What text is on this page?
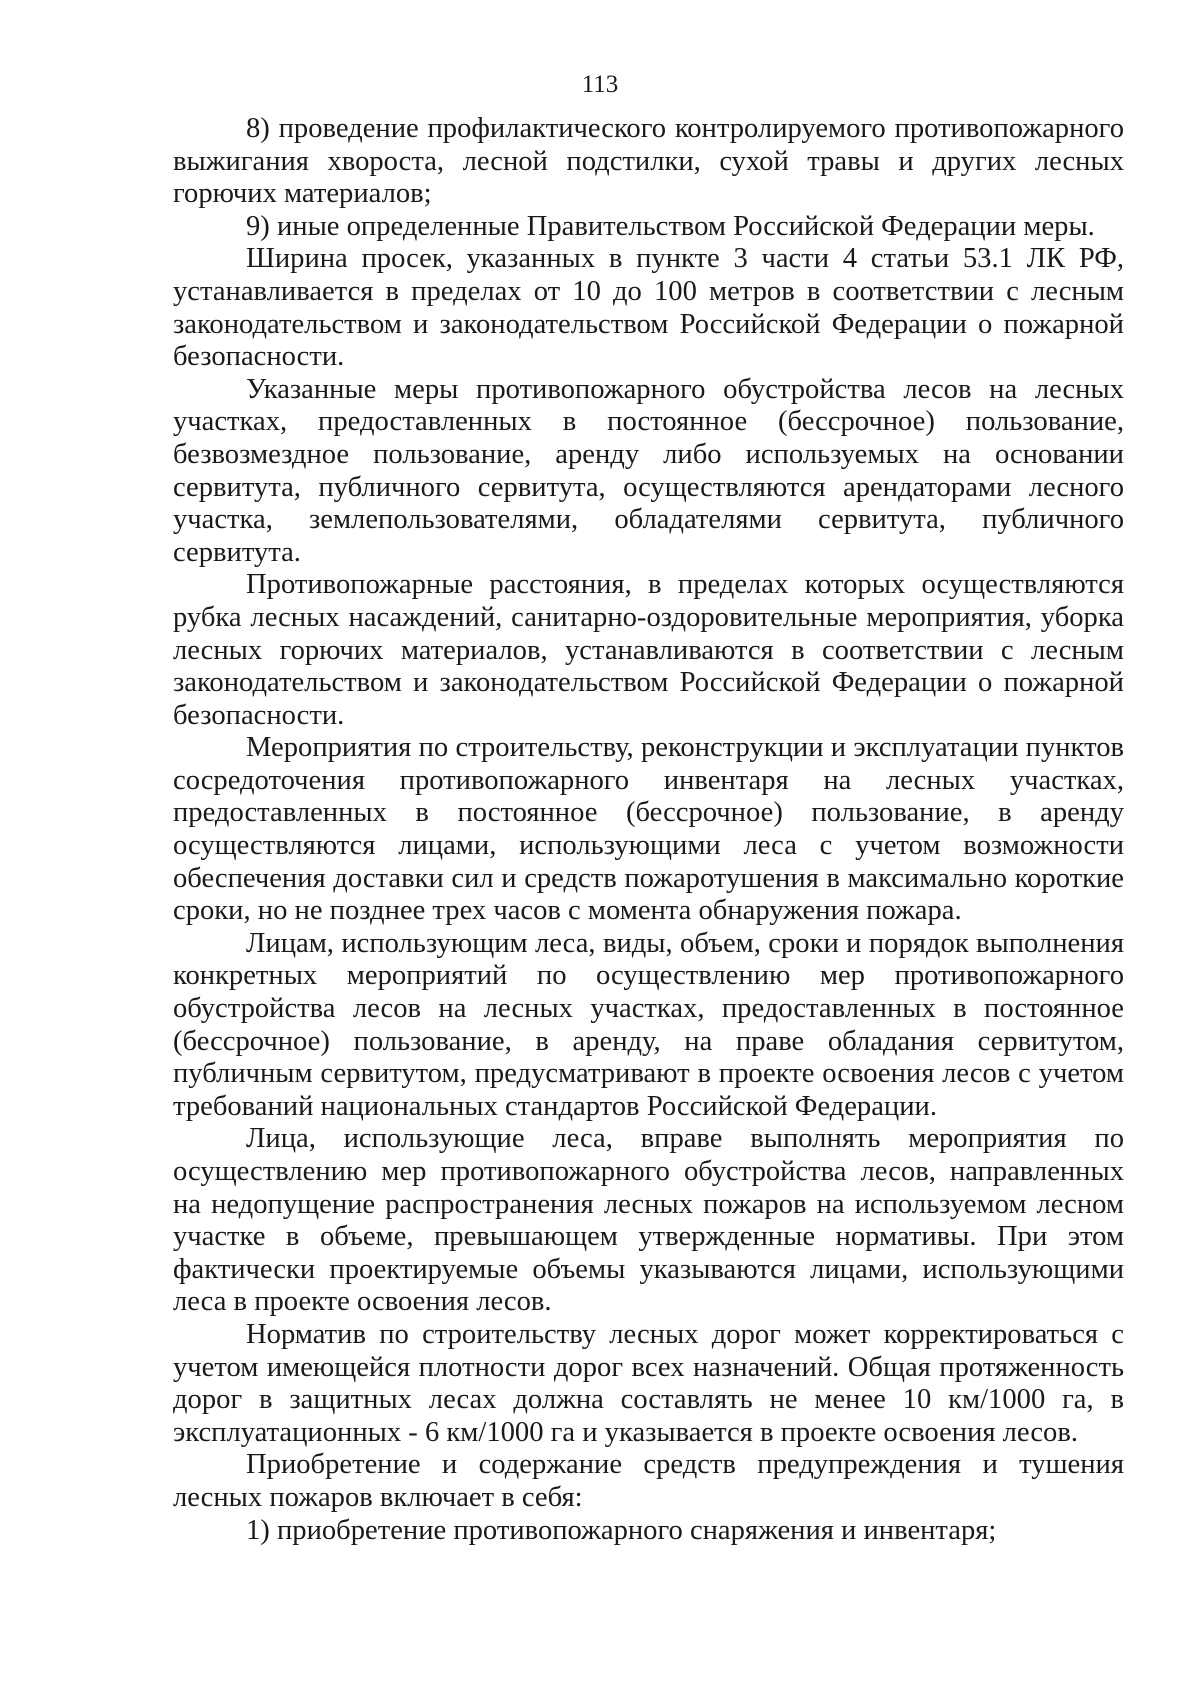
113

8) проведение профилактического контролируемого противопожарного выжигания хвороста, лесной подстилки, сухой травы и других лесных горючих материалов;

9) иные определенные Правительством Российской Федерации меры.

Ширина просек, указанных в пункте 3 части 4 статьи 53.1 ЛК РФ, устанавливается в пределах от 10 до 100 метров в соответствии с лесным законодательством и законодательством Российской Федерации о пожарной безопасности.

Указанные меры противопожарного обустройства лесов на лесных участках, предоставленных в постоянное (бессрочное) пользование, безвозмездное пользование, аренду либо используемых на основании сервитута, публичного сервитута, осуществляются арендаторами лесного участка, землепользователями, обладателями сервитута, публичного сервитута.

Противопожарные расстояния, в пределах которых осуществляются рубка лесных насаждений, санитарно-оздоровительные мероприятия, уборка лесных горючих материалов, устанавливаются в соответствии с лесным законодательством и законодательством Российской Федерации о пожарной безопасности.

Мероприятия по строительству, реконструкции и эксплуатации пунктов сосредоточения противопожарного инвентаря на лесных участках, предоставленных в постоянное (бессрочное) пользование, в аренду осуществляются лицами, использующими леса с учетом возможности обеспечения доставки сил и средств пожаротушения в максимально короткие сроки, но не позднее трех часов с момента обнаружения пожара.

Лицам, использующим леса, виды, объем, сроки и порядок выполнения конкретных мероприятий по осуществлению мер противопожарного обустройства лесов на лесных участках, предоставленных в постоянное (бессрочное) пользование, в аренду, на праве обладания сервитутом, публичным сервитутом, предусматривают в проекте освоения лесов с учетом требований национальных стандартов Российской Федерации.

Лица, использующие леса, вправе выполнять мероприятия по осуществлению мер противопожарного обустройства лесов, направленных на недопущение распространения лесных пожаров на используемом лесном участке в объеме, превышающем утвержденные нормативы. При этом фактически проектируемые объемы указываются лицами, использующими леса в проекте освоения лесов.

Норматив по строительству лесных дорог может корректироваться с учетом имеющейся плотности дорог всех назначений. Общая протяженность дорог в защитных лесах должна составлять не менее 10 км/1000 га, в эксплуатационных - 6 км/1000 га и указывается в проекте освоения лесов.

Приобретение и содержание средств предупреждения и тушения лесных пожаров включает в себя:

1) приобретение противопожарного снаряжения и инвентаря;
